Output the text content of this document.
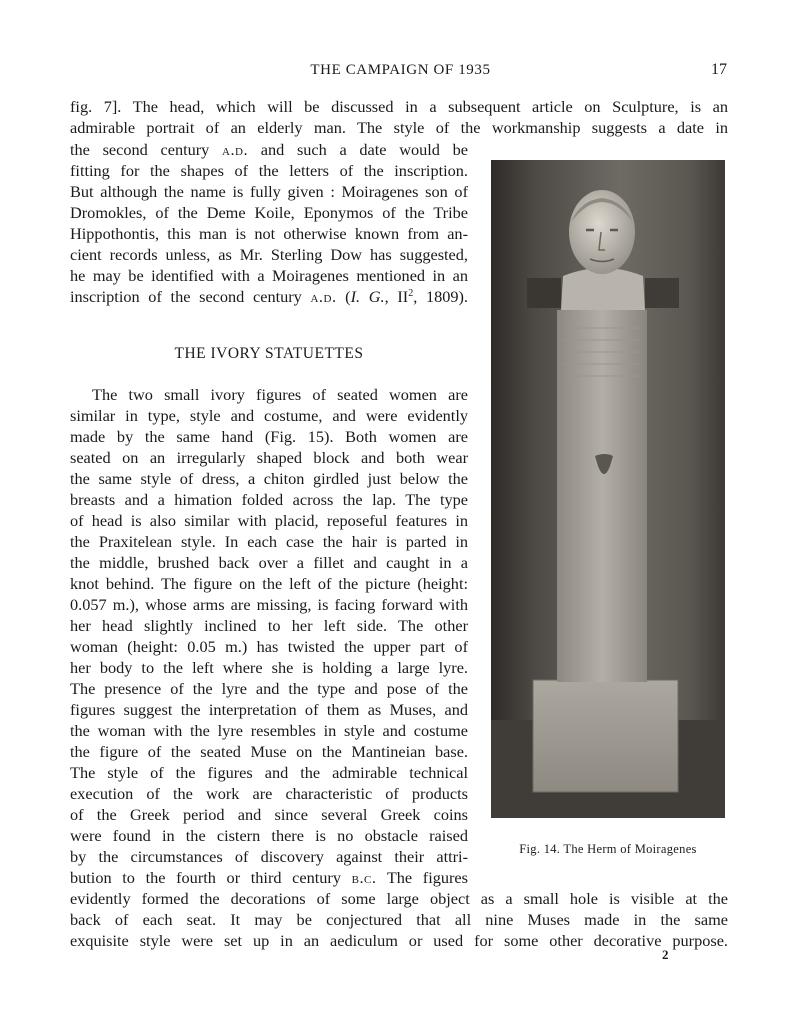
THE CAMPAIGN OF 1935	17
fig. 7]. The head, which will be discussed in a subsequent article on Sculpture, is an
admirable portrait of an elderly man. The style of the workmanship suggests a date in
the second century a.d. and such a date would be
fitting for the shapes of the letters of the inscription.
But although the name is fully given : Moiragenes son of
Dromokles, of the Deme Koile, Eponymos of the Tribe
Hippothontis, this man is not otherwise known from an-
cient records unless, as Mr. Sterling Dow has suggested,
he may be identified with a Moiragenes mentioned in an
inscription of the second century a.d. (I. G., $II^2$, 1809).
THE IVORY STATUETTES
The two small ivory figures of seated women are
similar in type, style and costume, and were evidently
made by the same hand (Fig. 15). Both women are
seated on an irregularly shaped block and both wear
the same style of dress, a chiton girdled just below the
breasts and a himation folded across the lap. The type
of head is also similar with placid, reposeful features in
the Praxitelean style. In each case the hair is parted in
the middle, brushed back over a fillet and caught in a
knot behind. The figure on the left of the picture (height:
0.057 m.), whose arms are missing, is facing forward with
her head slightly inclined to her left side. The other
woman (height: 0.05 m.) has twisted the upper part of
her body to the left where she is holding a large lyre.
The presence of the lyre and the type and pose of the
figures suggest the interpretation of them as Muses, and
the woman with the lyre resembles in style and costume
the figure of the seated Muse on the Mantineian base.
The style of the figures and the admirable technical
execution of the work are characteristic of products
of the Greek period and since several Greek coins
were found in the cistern there is no obstacle raised
by the circumstances of discovery against their attri-
bution to the fourth or third century b.c. The figures
evidently formed the decorations of some large object as a small hole is visible at the
back of each seat. It may be conjectured that all nine Muses made in the same
exquisite style were set up in an aediculum or used for some other decorative purpose.
Fig. 14. The Herm of Moiragenes
2
